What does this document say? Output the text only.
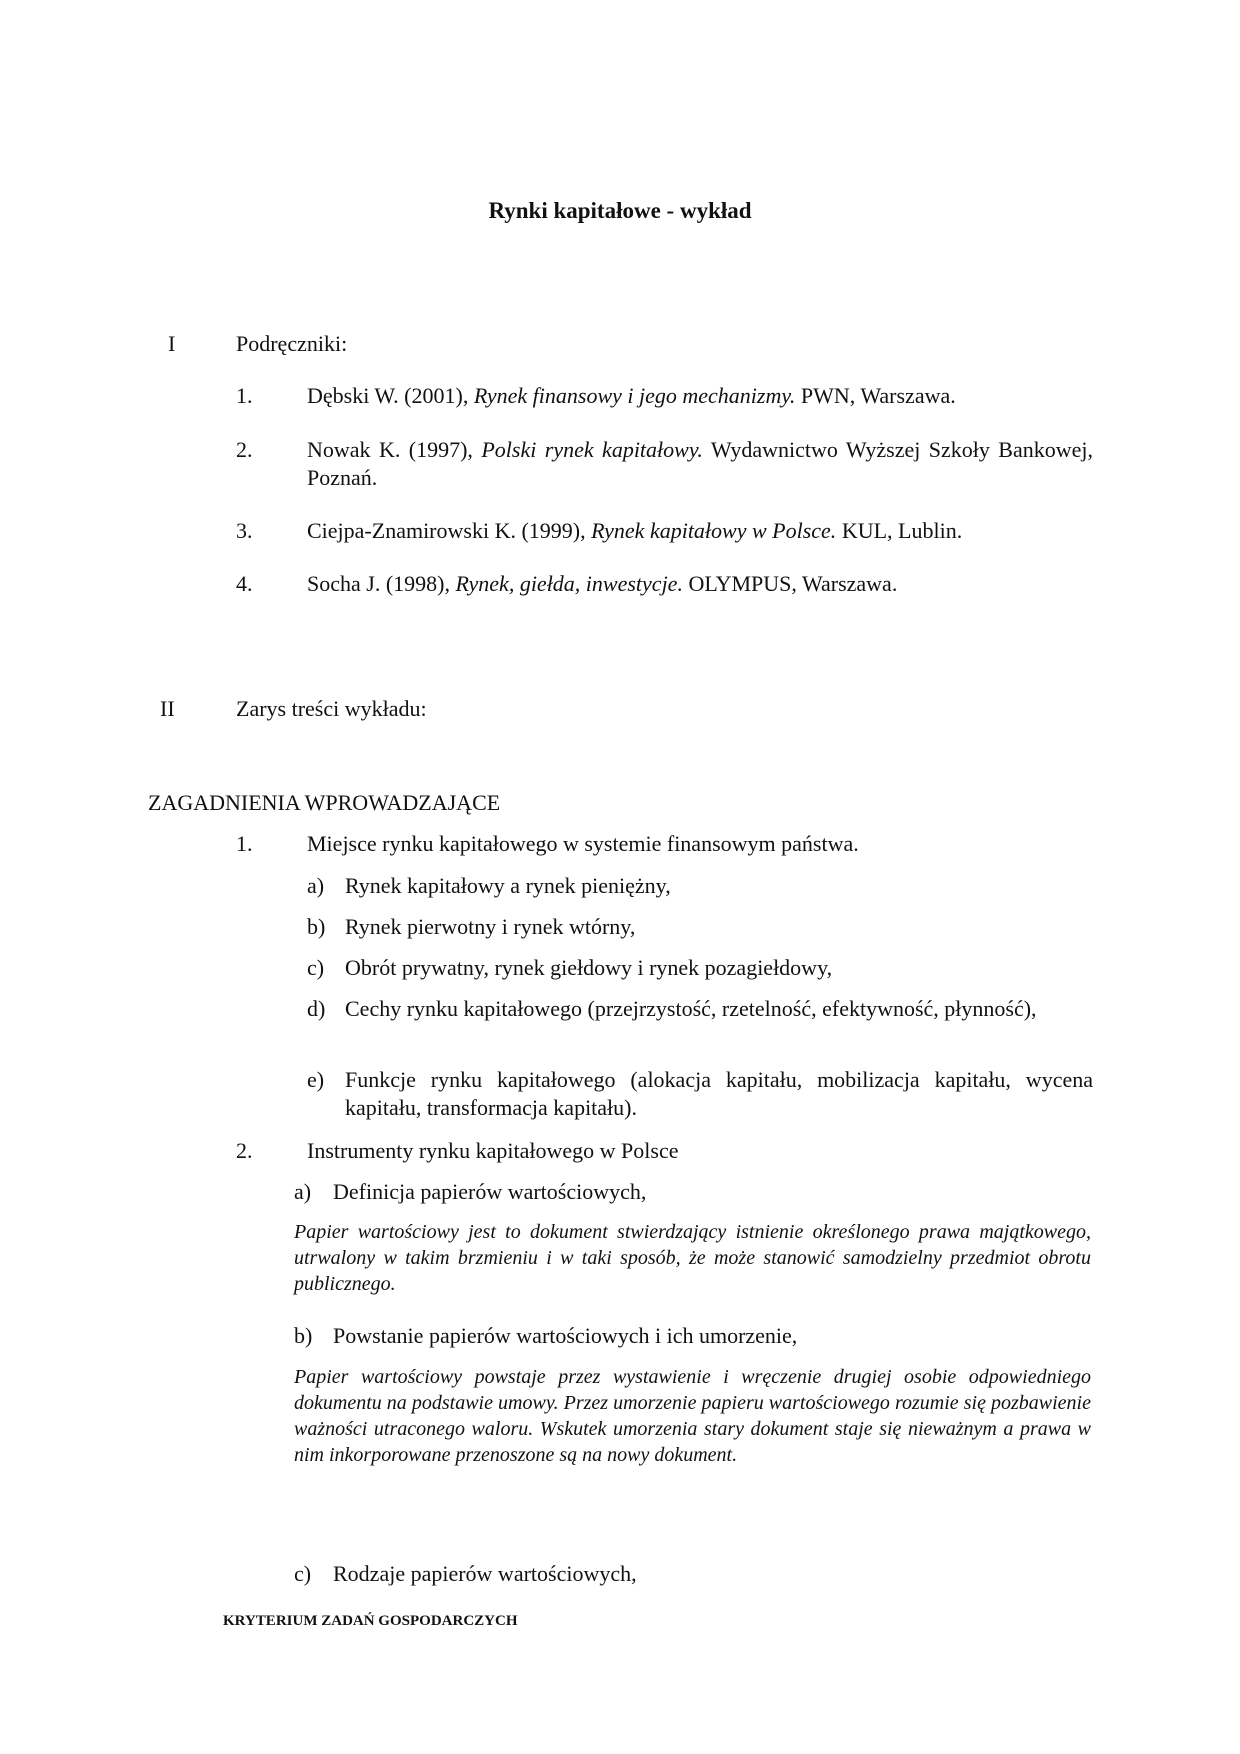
Rynki kapitałowe - wykład
I	Podręczniki:
1. Dębski W. (2001), Rynek finansowy i jego mechanizmy. PWN, Warszawa.
2. Nowak K. (1997), Polski rynek kapitałowy. Wydawnictwo Wyższej Szkoły Bankowej, Poznań.
3. Ciejpa-Znamirowski K. (1999), Rynek kapitałowy w Polsce. KUL, Lublin.
4. Socha J. (1998), Rynek, giełda, inwestycje. OLYMPUS, Warszawa.
II	Zarys treści wykładu:
ZAGADNIENIA WPROWADZAJĄCE
1. Miejsce rynku kapitałowego w systemie finansowym państwa.
a) Rynek kapitałowy a rynek pieniężny,
b) Rynek pierwotny i rynek wtórny,
c) Obrót prywatny, rynek giełdowy i rynek pozagiełdowy,
d) Cechy rynku kapitałowego (przejrzystość, rzetelność, efektywność, płynność),
e) Funkcje rynku kapitałowego (alokacja kapitału, mobilizacja kapitału, wycena kapitału, transformacja kapitału).
2. Instrumenty rynku kapitałowego w Polsce
a) Definicja papierów wartościowych,
Papier wartościowy jest to dokument stwierdzający istnienie określonego prawa majątkowego, utrwalony w takim brzmieniu i w taki sposób, że może stanowić samodzielny przedmiot obrotu publicznego.
b) Powstanie papierów wartościowych i ich umorzenie,
Papier wartościowy powstaje przez wystawienie i wręczenie drugiej osobie odpowiedniego dokumentu na podstawie umowy. Przez umorzenie papieru wartościowego rozumie się pozbawienie ważności utraconego waloru. Wskutek umorzenia stary dokument staje się nieważnym a prawa w nim inkorporowane przenoszone są na nowy dokument.
c) Rodzaje papierów wartościowych,
KRYTERIUM ZADAŃ GOSPODARCZYCH
